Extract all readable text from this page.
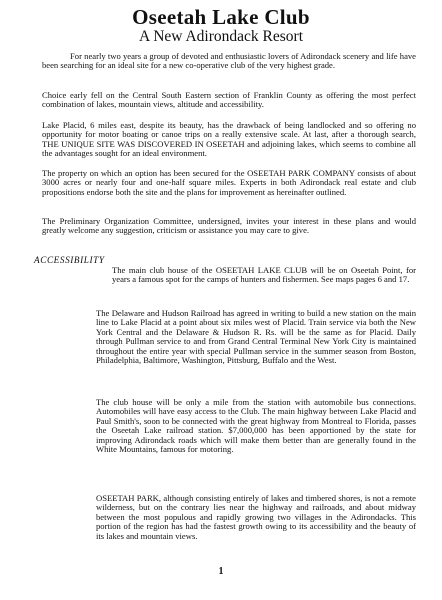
Oseetah Lake Club
A New Adirondack Resort

For nearly two years a group of devoted and enthusiastic lovers of Adirondack scenery and life have been searching for an ideal site for a new co-operative club of the very highest grade.

Choice early fell on the Central South Eastern section of Franklin County as offering the most perfect combination of lakes, mountain views, altitude and accessibility.

Lake Placid, 6 miles east, despite its beauty, has the drawback of being landlocked and so offering no opportunity for motor boating or canoe trips on a really extensive scale. At last, after a thorough search, THE UNIQUE SITE WAS DISCOVERED IN OSEETAH and adjoining lakes, which seems to combine all the advantages sought for an ideal environment.

The property on which an option has been secured for the OSEETAH PARK COMPANY consists of about 3000 acres or nearly four and one-half square miles. Experts in both Adirondack real estate and club propositions endorse both the site and the plans for improvement as hereinafter outlined.

The Preliminary Organization Committee, undersigned, invites your interest in these plans and would greatly welcome any suggestion, criticism or assistance you may care to give.

ACCESSIBILITY

The main club house of the OSEETAH LAKE CLUB will be on Oseetah Point, for years a famous spot for the camps of hunters and fishermen. See maps pages 6 and 17.

The Delaware and Hudson Railroad has agreed in writing to build a new station on the main line to Lake Placid at a point about six miles west of Placid. Train service via both the New York Central and the Delaware & Hudson R. Rs. will be the same as for Placid. Daily through Pullman service to and from Grand Central Terminal New York City is maintained throughout the entire year with special Pullman service in the summer season from Boston, Philadelphia, Baltimore, Washington, Pittsburg, Buffalo and the West.

The club house will be only a mile from the station with automobile bus connections. Automobiles will have easy access to the Club. The main highway between Lake Placid and Paul Smith's, soon to be connected with the great highway from Montreal to Florida, passes the Oseetah Lake railroad station. $7,000,000 has been apportioned by the state for improving Adirondack roads which will make them better than are generally found in the White Mountains, famous for motoring.

OSEETAH PARK, although consisting entirely of lakes and timbered shores, is not a remote wilderness, but on the contrary lies near the highway and railroads, and about midway between the most populous and rapidly growing two villages in the Adirondacks. This portion of the region has had the fastest growth owing to its accessibility and the beauty of its lakes and mountain views.

1
